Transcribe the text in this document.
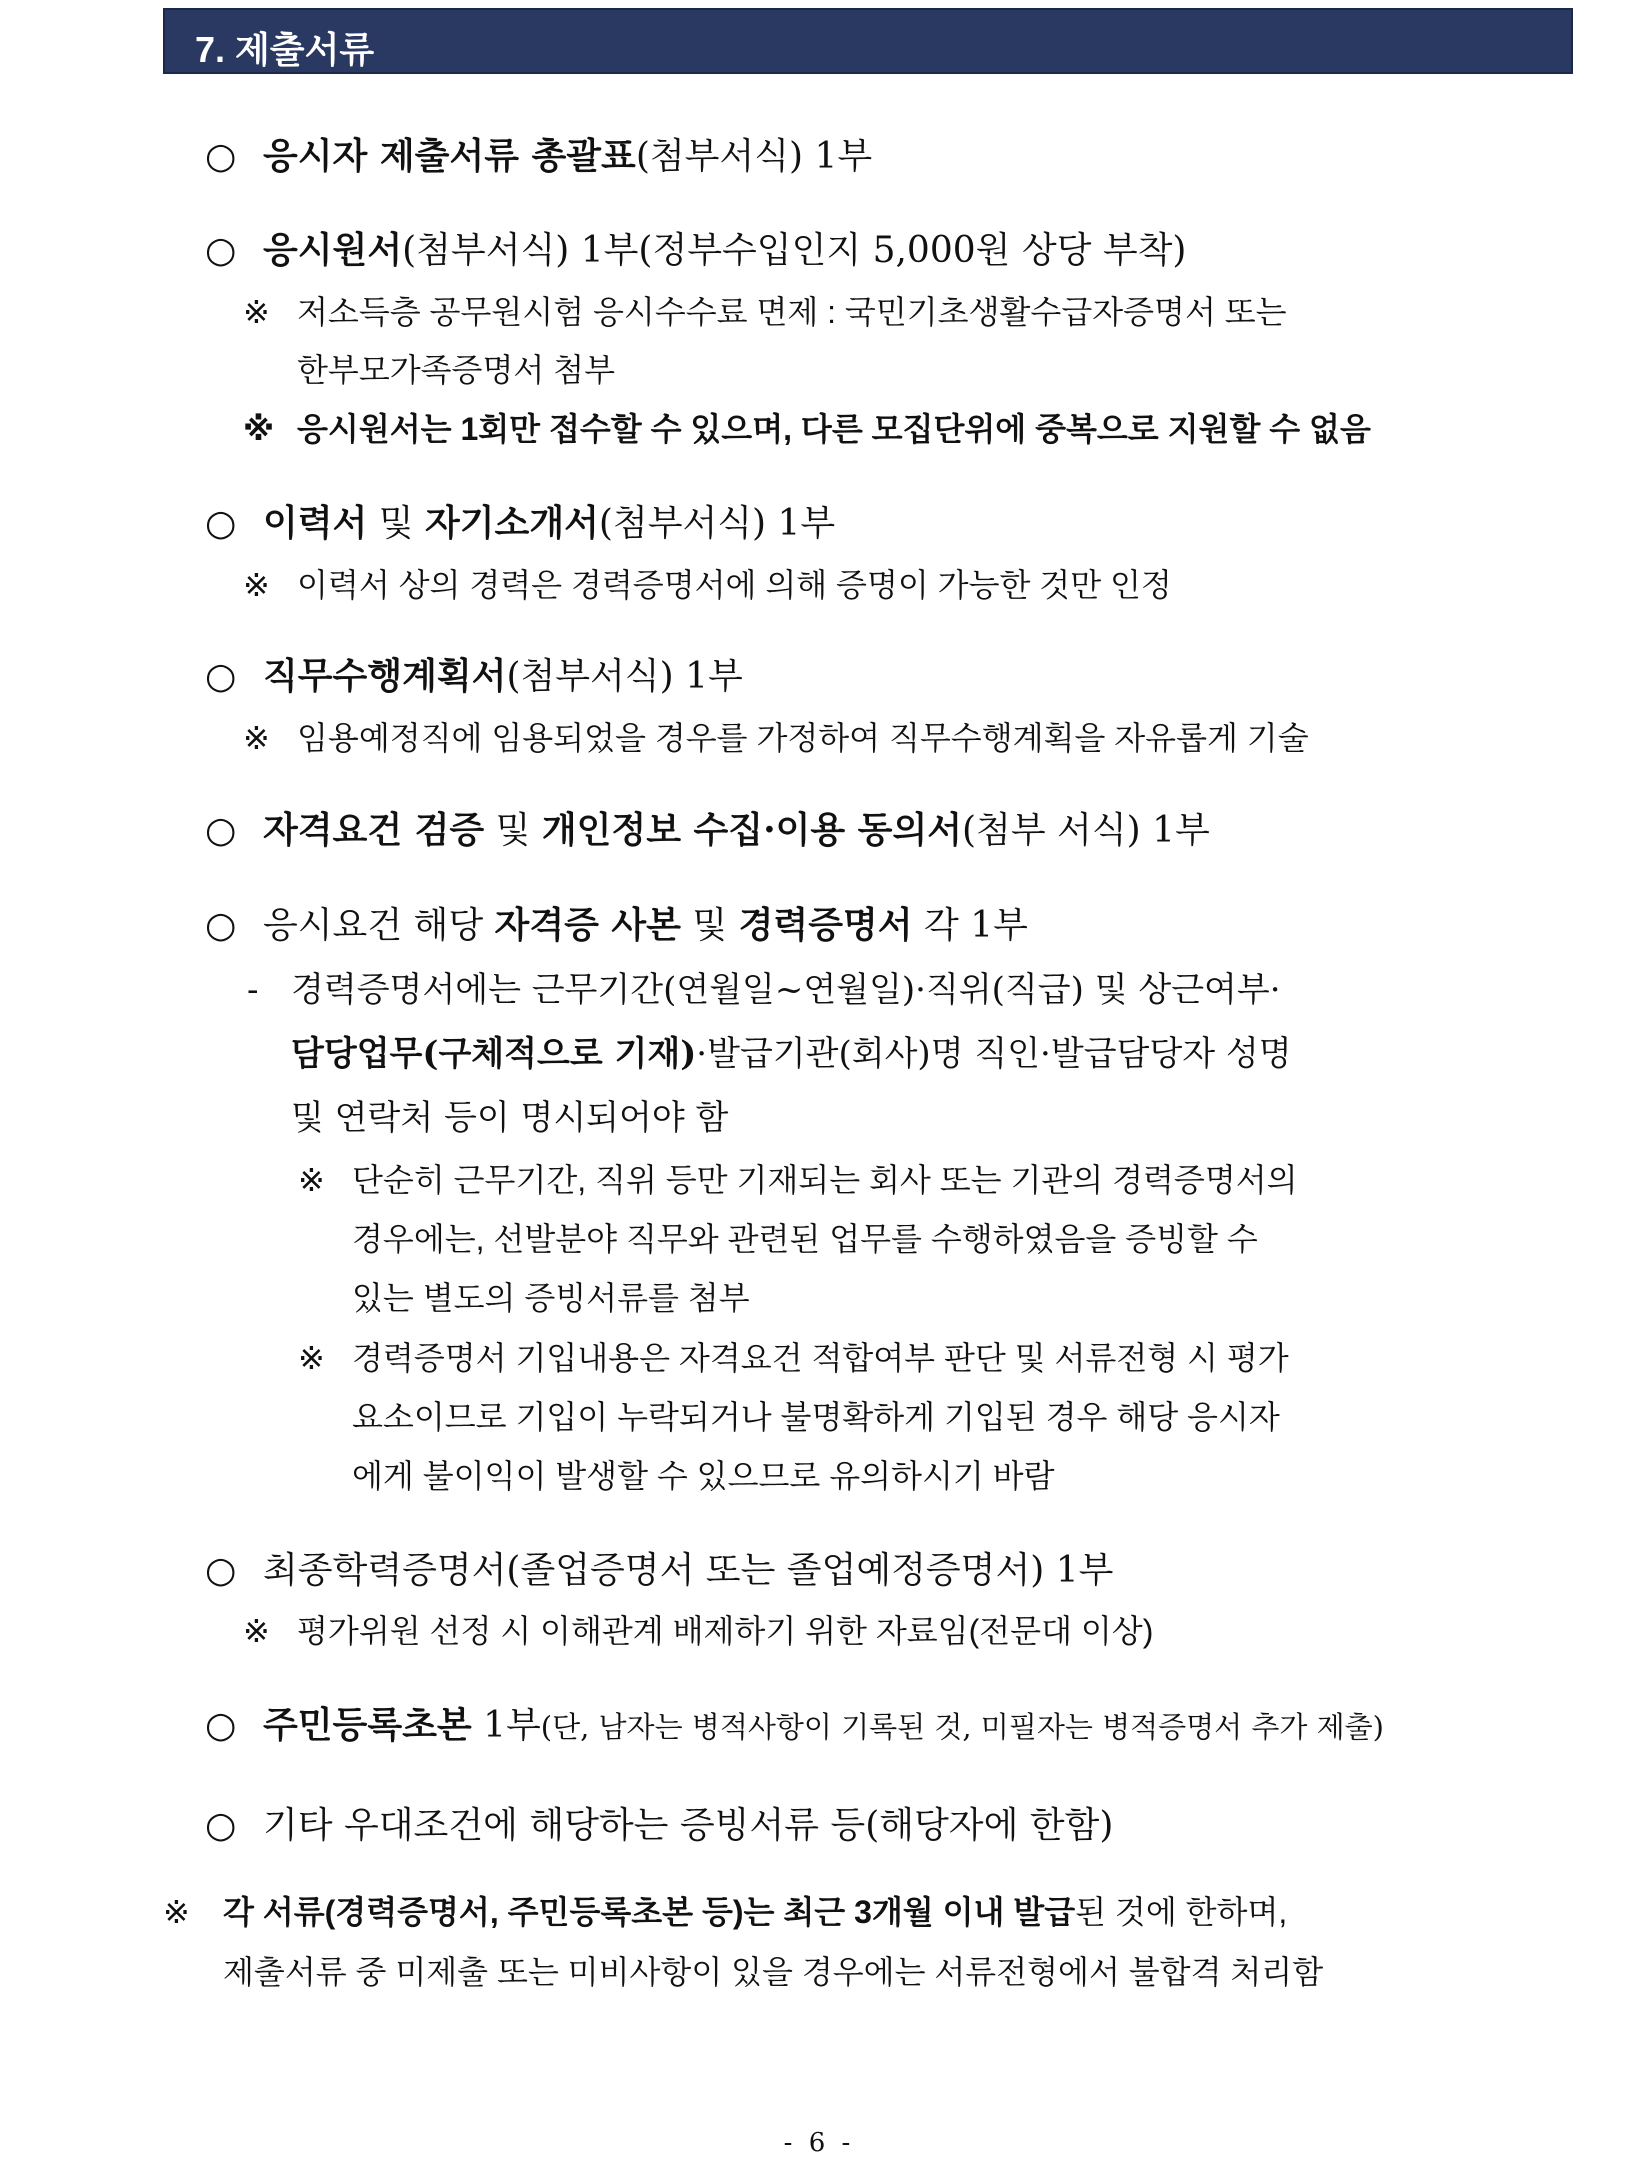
7. 제출서류
○ 응시자 제출서류 총괄표(첨부서식) 1부
○ 응시원서(첨부서식) 1부(정부수입인지 5,000원 상당 부착)
※ 저소득층 공무원시험 응시수수료 면제 : 국민기초생활수급자증명서 또는
한부모가족증명서 첨부
※ 응시원서는 1회만 접수할 수 있으며, 다른 모집단위에 중복으로 지원할 수 없음
○ 이력서 및 자기소개서(첨부서식) 1부
※ 이력서 상의 경력은 경력증명서에 의해 증명이 가능한 것만 인정
○ 직무수행계획서(첨부서식) 1부
※ 임용예정직에 임용되었을 경우를 가정하여 직무수행계획을 자유롭게 기술
○ 자격요건 검증 및 개인정보 수집·이용 동의서(첨부 서식) 1부
○ 응시요건 해당 자격증 사본 및 경력증명서 각 1부
- 경력증명서에는 근무기간(연월일~연월일)·직위(직급) 및 상근여부·
담당업무(구체적으로 기재)·발급기관(회사)명 직인·발급담당자 성명
및 연락처 등이 명시되어야 함
※ 단순히 근무기간, 직위 등만 기재되는 회사 또는 기관의 경력증명서의
경우에는, 선발분야 직무와 관련된 업무를 수행하였음을 증빙할 수
있는 별도의 증빙서류를 첨부
※ 경력증명서 기입내용은 자격요건 적합여부 판단 및 서류전형 시 평가
요소이므로 기입이 누락되거나 불명확하게 기입된 경우 해당 응시자
에게 불이익이 발생할 수 있으므로 유의하시기 바람
○ 최종학력증명서(졸업증명서 또는 졸업예정증명서) 1부
※ 평가위원 선정 시 이해관계 배제하기 위한 자료임(전문대 이상)
○ 주민등록초본 1부(단, 남자는 병적사항이 기록된 것, 미필자는 병적증명서 추가 제출)
○ 기타 우대조건에 해당하는 증빙서류 등(해당자에 한함)
※ 각 서류(경력증명서, 주민등록초본 등)는 최근 3개월 이내 발급된 것에 한하며,
제출서류 중 미제출 또는 미비사항이 있을 경우에는 서류전형에서 불합격 처리함
- 6 -
